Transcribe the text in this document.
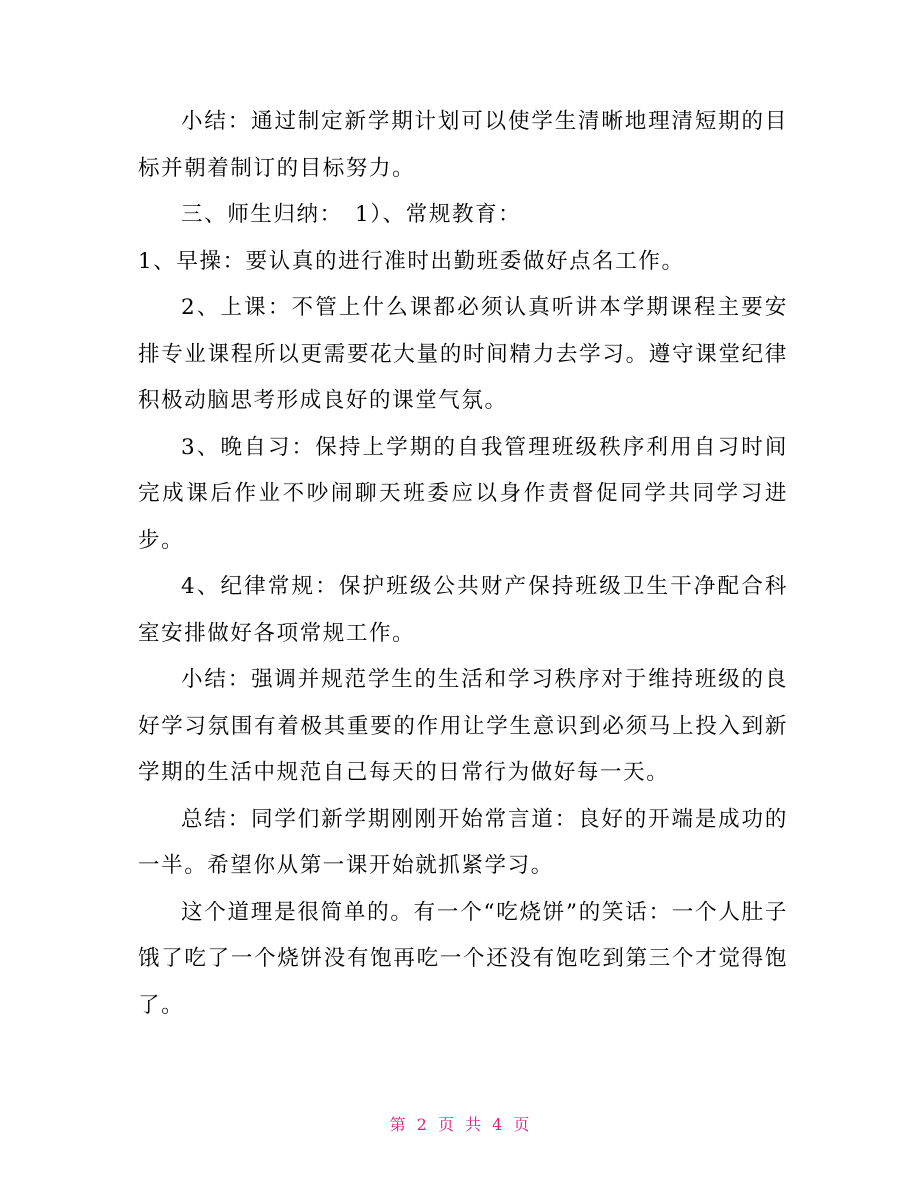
小结：通过制定新学期计划可以使学生清晰地理清短期的目标并朝着制订的目标努力。

三、师生归纳：　1）、常规教育：

1、早操：要认真的进行准时出勤班委做好点名工作。

2、上课：不管上什么课都必须认真听讲本学期课程主要安排专业课程所以更需要花大量的时间精力去学习。遵守课堂纪律积极动脑思考形成良好的课堂气氛。

3、晚自习：保持上学期的自我管理班级秩序利用自习时间完成课后作业不吵闹聊天班委应以身作责督促同学共同学习进步。

4、纪律常规：保护班级公共财产保持班级卫生干净配合科室安排做好各项常规工作。

小结：强调并规范学生的生活和学习秩序对于维持班级的良好学习氛围有着极其重要的作用让学生意识到必须马上投入到新学期的生活中规范自己每天的日常行为做好每一天。

总结：同学们新学期刚刚开始常言道：良好的开端是成功的一半。希望你从第一课开始就抓紧学习。

这个道理是很简单的。有一个“吃烧饼”的笑话：一个人肚子饿了吃了一个烧饼没有饱再吃一个还没有饱吃到第三个才觉得饱了。

第 2 页 共 4 页
